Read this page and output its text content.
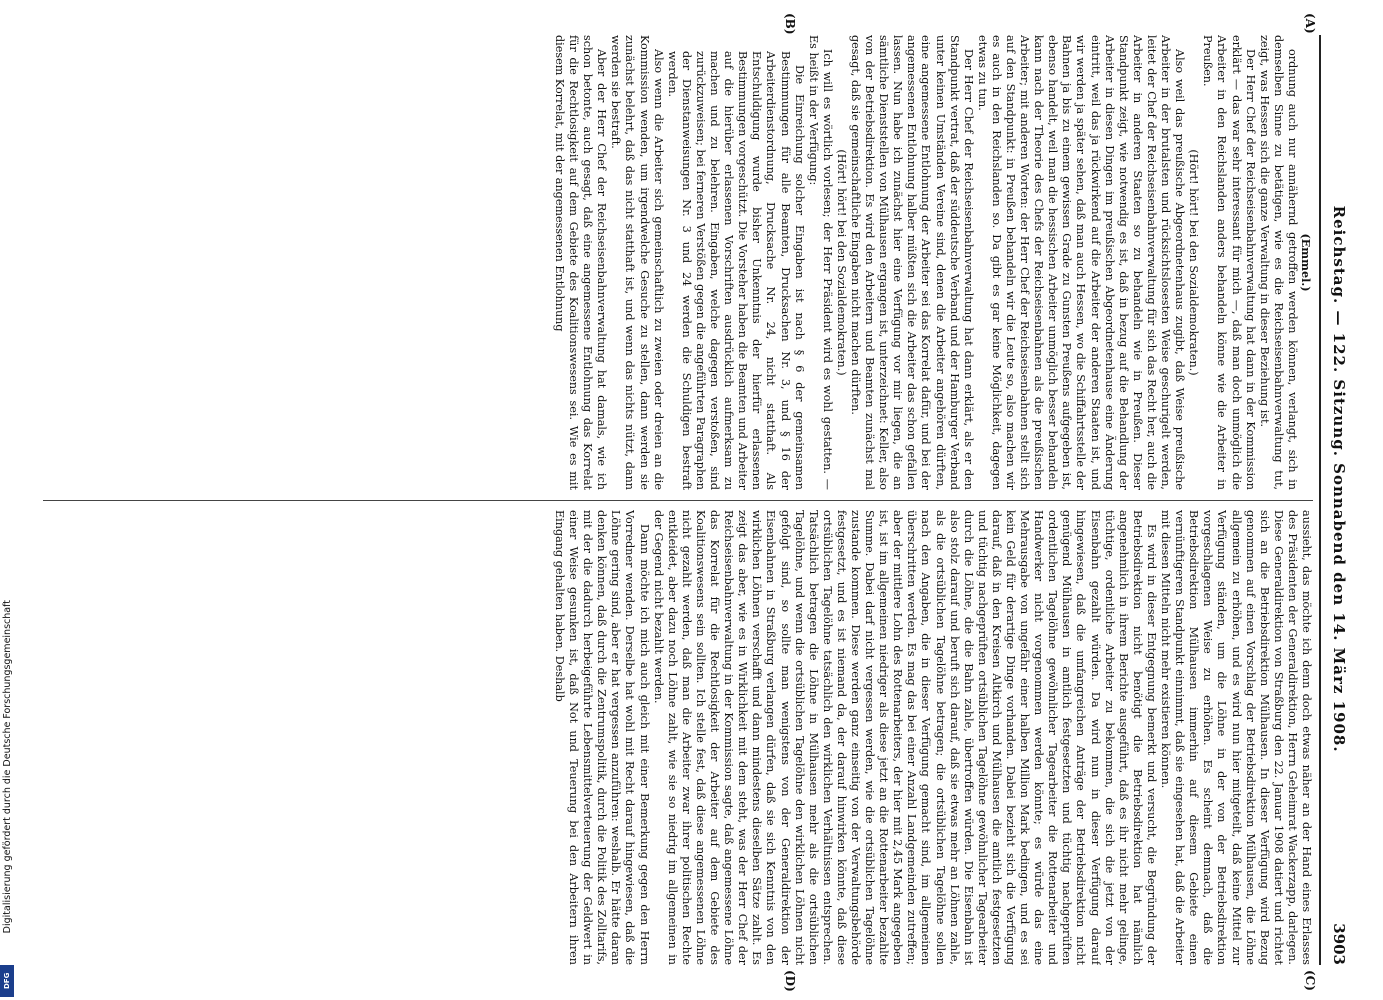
Reichstag. — 122. Sitzung. Sonnabend den 14. März 1908.
3903
(A)
(B)
(C)
(D)

(Emmel.)

ordnung auch nur annähernd getroffen werden können, verlangt, sich in demselben Sinne zu betätigen, wie es die Reichseisenbahnverwaltung tut, zeigt, was Hessen sich die ganze Verwaltung in dieser Beziehung ist.

Der Herr Chef der Reichseisenbahnverwaltung hat dann in der Kommission erklärt — das war sehr interessant für mich —, daß man doch unmöglich die Arbeiter in den Reichslanden anders behandeln könne wie die Arbeiter in Preußen.

(Hört! hört! bei den Sozialdemokraten.)

Also weil das preußische Abgeordnetenhaus zugibt, daß Weise preußische Arbeiter in der brutalsten und rücksichtslosesten Weise geschurigelt werden, leitet der Chef der Reichseisenbahnverwaltung für sich das Recht her, auch die Arbeiter in anderen Staaten so zu behandeln wie in Preußen. Dieser Standpunkt zeigt, wie notwendig es ist, daß in bezug auf die Behandlung der Arbeiter in diesen Dingen im preußischen Abgeordnetenhause eine Änderung eintritt, weil das ja rückwirkend auf die Arbeiter der anderen Staaten ist, und wir werden ja später sehen, daß man auch Hessen, wo die Schiffahrtsstelle der Bahnen ja bis zu einem gewissen Grade zu Gunsten Preußens aufgegeben ist, ebenso handelt, weil man die hessischen Arbeiter unmöglich besser behandeln kann nach der Theorie des Chefs der Reichseisenbahnen als die preußischen Arbeiter; mit anderen Worten: der Herr Chef der Reichseisenbahnen stellt sich auf den Standpunkt: in Preußen behandeln wir die Leute so, also machen wir es auch in den Reichslanden so. Da gibt es gar keine Möglichkeit, dagegen etwas zu tun.

Der Herr Chef der Reichseisenbahnverwaltung hat dann erklärt, als er den Standpunkt vertrat, daß der süddeutsche Verband und der Hamburger Verband unter keinen Umständen Vereine sind, denen die Arbeiter angehören dürften, eine angemessene Entlohnung der Arbeiter sei das Korrelat dafür, und bei der angemessenen Entlohnung halber müßten sich die Arbeiter das schon gefallen lassen. Nun habe ich zunächst hier eine Verfügung vor mir liegen, die an sämtliche Dienststellen von Mülhausen ergangen ist, unterzeichnet: Keller, also von der Betriebsdirektion. Es wird den Arbeitern und Beamten zunächst mal gesagt, daß sie gemeinschaftliche Eingaben nicht machen dürften.

(Hört! hört! bei den Sozialdemokraten.)

Ich will es wörtlich vorlesen; der Herr Präsident wird es wohl gestatten. — Es heißt in der Verfügung:

Die Einreichung solcher Eingaben ist nach § 6 der gemeinsamen Bestimmungen für alle Beamten, Drucksachen Nr. 3, und § 16 der Arbeiterdienstordnung, Drucksache Nr. 24, nicht statthaft. Als Entschuldigung wurde bisher Unkenntnis der hierfür erlassenen Bestimmungen vorgeschützt. Die Vorsteher haben die Beamten und Arbeiter auf die hierüber erlassenen Vorschriften ausdrücklich aufmerksam zu machen und zu belehren. Eingaben, welche dagegen verstoßen, sind zurückzuweisen; bei ferneren Verstößen gegen die angeführten Paragraphen der Dienstanweisungen Nr. 3 und 24 werden die Schuldigen bestraft werden.

Also wenn die Arbeiter sich gemeinschaftlich zu zweien oder dreien an die Kommission wenden, um irgendwelche Gesuche zu stellen, dann werden sie zunächst belehrt, daß das nicht statthaft ist, und wenn das nichts nützt, dann werden sie bestraft.

Aber der Herr Chef der Reichseisenbahnverwaltung hat damals, wie ich schon betonte, auch gesagt, daß eine angemessene Entlohnung das Korrelat für die Rechtlosigkeit auf dem Gebiete des Koalitionswesens sei. Wie es mit diesem Korrelat, mit der angemessenen Entlohnung

aussieht, das möchte ich denn doch etwas näher an der Hand eines Erlasses des Präsidenten der Generaldirektion, Herrn Geheimrat Wackerzapp, darlegen. Diese Generaldirektion von Straßburg den 22. Januar 1908 datiert und richtet sich an die Betriebsdirektion Mülhausen. In dieser Verfügung wird Bezug genommen auf einen Vorschlag der Betriebsdirektion Mülhausen, die Löhne allgemein zu erhöhen, und es wird nun hier mitgeteilt, daß keine Mittel zur Verfügung ständen, um die Löhne in der von der Betriebsdirektion vorgeschlagenen Weise zu erhöhen. Es scheint demnach, daß die Betriebsdirektion Mülhausen immerhin auf diesem Gebiete einen vernünftigeren Standpunkt einnimmt, daß sie eingesehen hat, daß die Arbeiter mit diesen Mitteln nicht mehr existieren können.

Es wird in dieser Entgegnung bemerkt und versucht, die Begründung der Betriebsdirektion nicht benötigt die Betriebsdirektion hat nämlich angenehmlich in ihrem Berichte ausgeführt, daß es ihr nicht mehr gelinge, tüchtige, ordentliche Arbeiter zu bekommen, die sich die jetzt von der Eisenbahn gezahlt würden. Da wird nun in dieser Verfügung darauf hingewiesen, daß die umfangreichen Anträge der Betriebsdirektion nicht genügend Mülhausen in amtlich festgesetzten und tüchtig nachgeprüften ordentlichen Tagelöhne gewöhnlicher Tagearbeiter die Rottenarbeiter und Handwerker nicht vorgenommen werden könnte; es würde das eine Mehrausgabe von ungefähr einer halben Million Mark bedingen, und es sei kein Geld für derartige Dinge vorhanden. Dabei bezieht sich die Verfügung darauf, daß in den Kreisen Altkirch und Mülhausen die amtlich festgesetzten und tüchtig nachgeprüften ortsüblichen Tagelöhne gewöhnlicher Tagearbeiter durch die Löhne, die die Bahn zahle, übertroffen würden. Die Eisenbahn ist also stolz darauf und beruft sich darauf, daß sie etwas mehr an Löhnen zahle, als die ortsüblichen Tagelöhne betragen; die ortsüblichen Tagelöhne sollen nach den Angaben, die in dieser Verfügung gemacht sind, im allgemeinen überschritten werden. Es mag das bei einer Anzahl Landgemeinden zutreffen; aber der mittlere Lohn des Rottenarbeiters, der hier mit 2,45 Mark angegeben ist, ist im allgemeinen niedriger als diese jetzt an die Rottenarbeiter bezahlte Summe. Dabei darf nicht vergessen werden, wie die ortsüblichen Tagelöhne zustande kommen. Diese werden ganz einseitig von der Verwaltungsbehörde festgesetzt, und es ist niemand da, der darauf hinwirken könnte, daß diese ortsüblichen Tagelöhne tatsächlich den wirklichen Verhältnissen entsprechen. Tatsächlich betragen die Löhne in Mülhausen mehr als die ortsüblichen Tagelöhne, und wenn die ortsüblichen Tagelöhne den wirklichen Löhnen nicht gefolgt sind, so sollte man wenigstens von der Generaldirektion der Eisenbahnen in Straßburg verlangen dürfen, daß sie sich Kenntnis von den wirklichen Löhnen verschafft und dann mindestens dieselben Sätze zahlt. Es zeigt das aber, wie es in Wirklichkeit mit dem steht, was der Herr Chef der Reichseisenbahnverwaltung in der Kommission sagte, daß angemessene Löhne das Korrelat für die Rechtlosigkeit der Arbeiter auf dem Gebiete des Koalitionswesens sein sollten. Ich stelle fest, daß diese angemessenen Löhne nicht gezahlt werden, daß man die Arbeiter zwar ihrer politischen Rechte entkleidet, aber dazu noch Löhne zahlt, wie sie so niedrig im allgemeinen in der Gegend nicht bezahlt werden.

Dann möchte ich mich auch gleich mit einer Bemerkung gegen den Herrn Vorredner wenden. Derselbe hat wohl mit Recht darauf hingewiesen, daß die Löhne gering sind, aber er hat vergessen anzuführen: weshalb. Er hätte daran denken können, daß durch die Zentrumspolitik, durch die Politik des Zolltarifs, mit der die dadurch herbeigeführte Lebensmittelverteuerung der Geldwert in einer Weise gesunken ist, daß Not und Teuerung bei den Arbeitern ihren Eingang gehalten haben. Deshalb

Digitalisierung gefördert durch die Deutsche Forschungsgemeinschaft
DFG
